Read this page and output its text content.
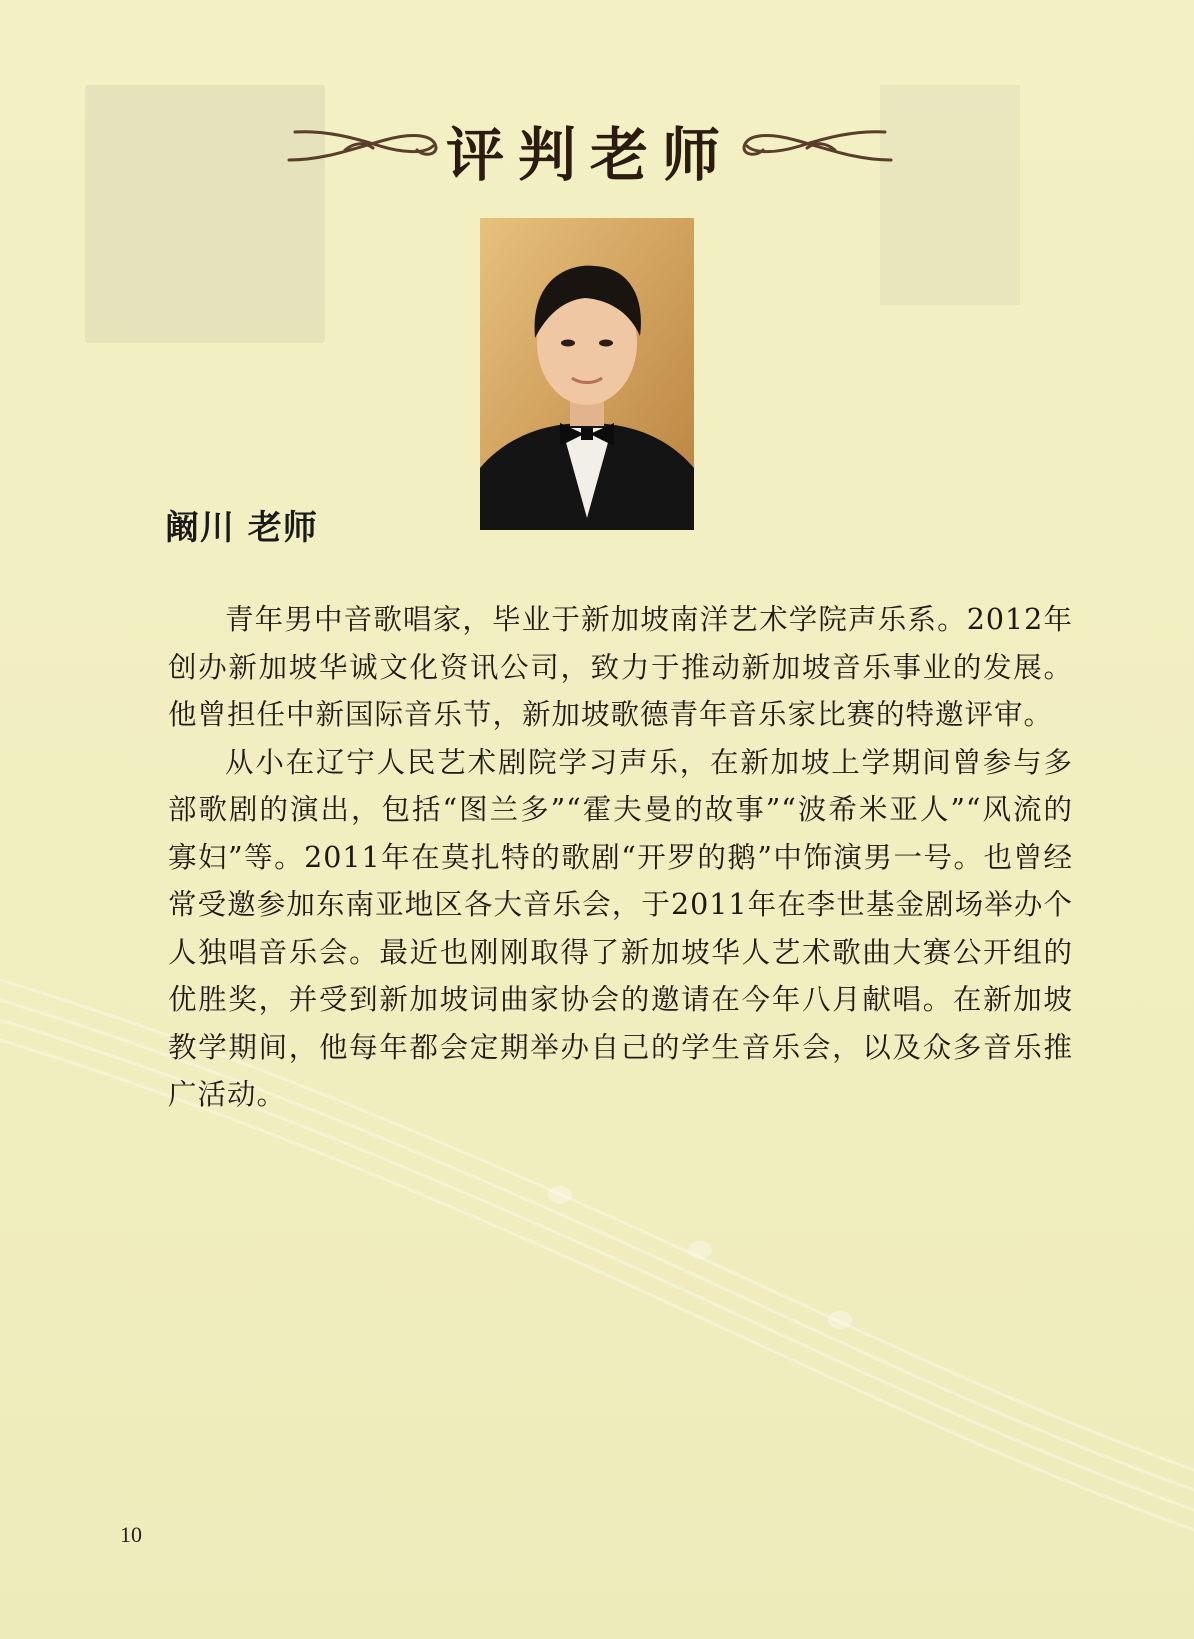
评判老师
阚川 老师

青年男中音歌唱家，毕业于新加坡南洋艺术学院声乐系。2012年创办新加坡华诚文化资讯公司，致力于推动新加坡音乐事业的发展。他曾担任中新国际音乐节，新加坡歌德青年音乐家比赛的特邀评审。

从小在辽宁人民艺术剧院学习声乐，在新加坡上学期间曾参与多部歌剧的演出，包括“图兰多”“霍夫曼的故事”“波希米亚人”“风流的寡妇”等。2011年在莫扎特的歌剧“开罗的鹅”中饰演男一号。也曾经常受邀参加东南亚地区各大音乐会，于2011年在李世基金剧场举办个人独唱音乐会。最近也刚刚取得了新加坡华人艺术歌曲大赛公开组的优胜奖，并受到新加坡词曲家协会的邀请在今年八月献唱。在新加坡教学期间，他每年都会定期举办自己的学生音乐会，以及众多音乐推广活动。

10
